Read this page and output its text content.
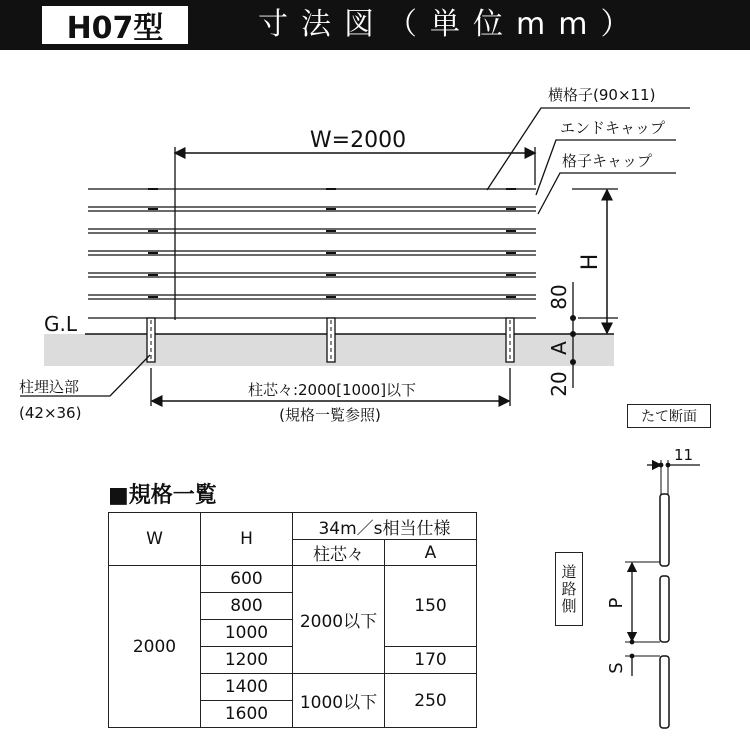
H07型	寸法図（単位mm）
W=2000
H
80
A
20
G.L
横格子(90×11)
エンドキャップ
格子キャップ
柱埋込部
(42×36)
柱芯々:2000[1000]以下
(規格一覧参照)
11
P
S
たて断面
道
路
側
■規格一覧
W	H	34m／s相当仕様	
		柱芯々	A
2000	600	2000以下	150
	800		
	1000		
	1200		170
	1400	1000以下	250
	1600		
